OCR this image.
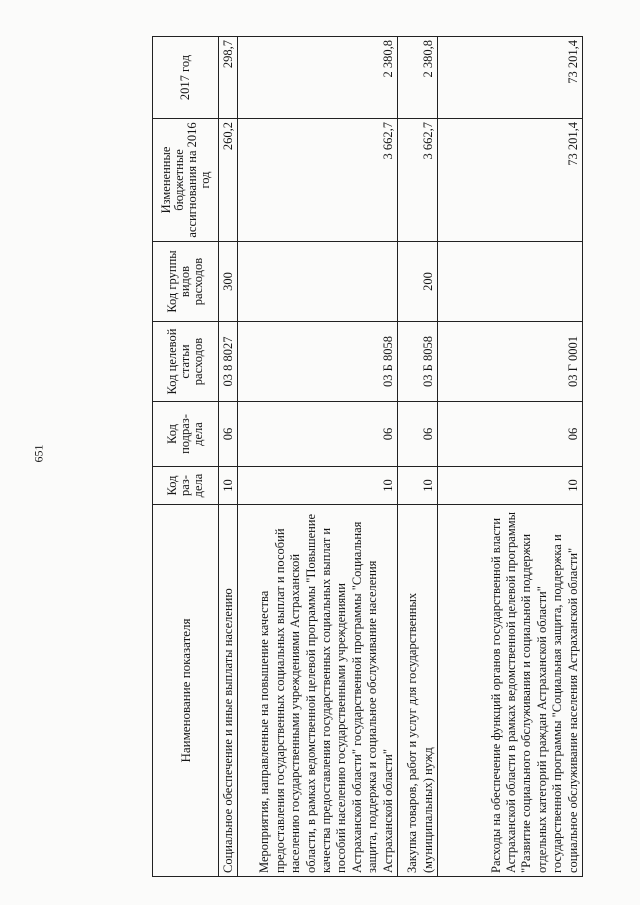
651
Наименование показателя	Код раз-дела	Код подраз-дела	Код целевой статьи расходов	Код группы видов расходов	Измененные бюджетные ассигнования на 2016 год	2017 год
Социальное обеспечение и иные выплаты населению	10	06	03 8 8027	300	260,2	298,7
Мероприятия, направленные на повышение качества предоставления государственных социальных выплат и пособий населению государственными учреждениями Астраханской области, в рамках ведомственной целевой программы "Повышение качества предоставления государственных социальных выплат и пособий населению государственными учреждениями Астраханской области" государственной программы "Социальная защита, поддержка и социальное обслуживание населения Астраханской области"	10	06	03 Б 8058		3 662,7	2 380,8
Закупка товаров, работ и услуг для государственных (муниципальных) нужд	10	06	03 Б 8058	200	3 662,7	2 380,8
Расходы на обеспечение функций органов государственной власти Астраханской области в рамках ведомственной целевой программы "Развитие социального обслуживания и социальной поддержки отдельных категорий граждан Астраханской области" государственной программы "Социальная защита, поддержка и социальное обслуживание населения Астраханской области"	10	06	03 Г 0001		73 201,4	73 201,4
